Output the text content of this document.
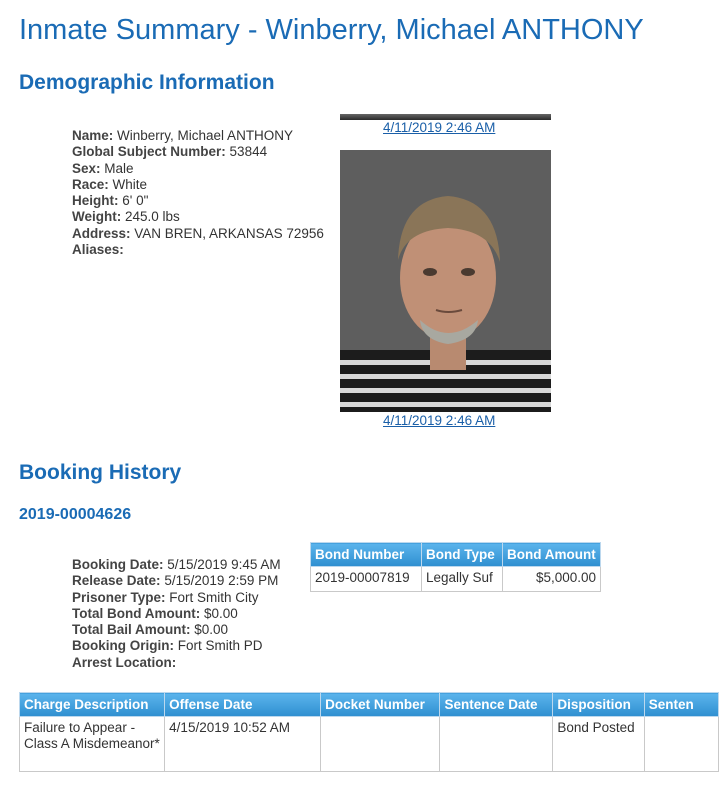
Inmate Summary - Winberry, Michael ANTHONY
Demographic Information
Name: Winberry, Michael ANTHONY
Global Subject Number: 53844
Sex: Male
Race: White
Height: 6' 0"
Weight: 245.0 lbs
Address: VAN BREN, ARKANSAS 72956
Aliases:
4/11/2019 2:46 AM
4/11/2019 2:46 AM
Booking History
2019-00004626
Booking Date: 5/15/2019 9:45 AM
Release Date: 5/15/2019 2:59 PM
Prisoner Type: Fort Smith City
Total Bond Amount: $0.00
Total Bail Amount: $0.00
Booking Origin: Fort Smith PD
Arrest Location:
Bond Number	Bond Type	Bond Amount
2019-00007819	Legally Suf	$5,000.00
Charge Description	Offense Date	Docket Number	Sentence Date	Disposition	Senten
Failure to Appear - Class A Misdemeanor*	4/15/2019 10:52 AM			Bond Posted	
